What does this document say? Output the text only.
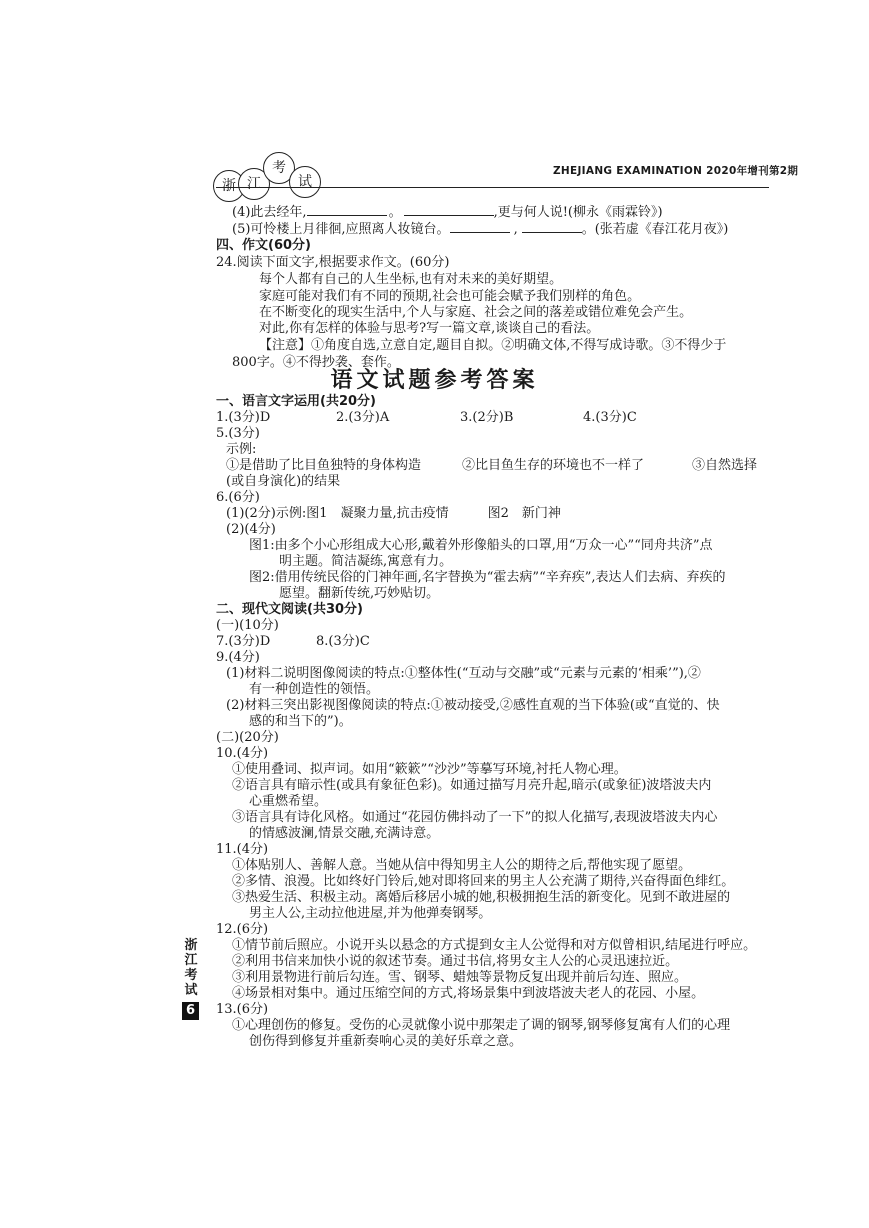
浙 江
考
试
ZHEJIANG EXAMINATION 2020年增刊第2期
(4)此去经年,	。	,更与何人说!(柳永《雨霖铃》)
(5)可怜楼上月徘徊,应照离人妆镜台。	,	。(张若虚《春江花月夜》)
四、作文(60分)
24.阅读下面文字,根据要求作文。(60分)
每个人都有自己的人生坐标,也有对未来的美好期望。
家庭可能对我们有不同的预期,社会也可能会赋予我们别样的角色。
在不断变化的现实生活中,个人与家庭、社会之间的落差或错位难免会产生。
对此,你有怎样的体验与思考?写一篇文章,谈谈自己的看法。
【注意】①角度自选,立意自定,题目自拟。②明确文体,不得写成诗歌。③不得少于
800字。④不得抄袭、套作。
语文试题参考答案
一、语言文字运用(共20分)
1.(3分)D	2.(3分)A	3.(2分)B	4.(3分)C
5.(3分)
示例:
①是借助了比目鱼独特的身体构造	②比目鱼生存的环境也不一样了	③自然选择
(或自身演化)的结果
6.(6分)
(1)(2分)示例:图1　凝聚力量,抗击疫情　　　图2　新门神
(2)(4分)
图1:由多个小心形组成大心形,戴着外形像船头的口罩,用“万众一心”“同舟共济”点
明主题。简洁凝练,寓意有力。
图2:借用传统民俗的门神年画,名字替换为“霍去病”“辛弃疾”,表达人们去病、弃疾的
愿望。翻新传统,巧妙贴切。
二、现代文阅读(共30分)
(一)(10分)
7.(3分)D	8.(3分)C
9.(4分)
(1)材料二说明图像阅读的特点:①整体性(“互动与交融”或“元素与元素的‘相乘’”),②
有一种创造性的领悟。
(2)材料三突出影视图像阅读的特点:①被动接受,②感性直观的当下体验(或“直觉的、快
感的和当下的”)。
(二)(20分)
10.(4分)
①使用叠词、拟声词。如用“簌簌”“沙沙”等摹写环境,衬托人物心理。
②语言具有暗示性(或具有象征色彩)。如通过描写月亮升起,暗示(或象征)波塔波夫内
心重燃希望。
③语言具有诗化风格。如通过“花园仿佛抖动了一下”的拟人化描写,表现波塔波夫内心
的情感波澜,情景交融,充满诗意。
11.(4分)
①体贴别人、善解人意。当她从信中得知男主人公的期待之后,帮他实现了愿望。
②多情、浪漫。比如终好门铃后,她对即将回来的男主人公充满了期待,兴奋得面色绯红。
③热爱生活、积极主动。离婚后移居小城的她,积极拥抱生活的新变化。见到不敢进屋的
男主人公,主动拉他进屋,并为他弹奏钢琴。
12.(6分)
①情节前后照应。小说开头以悬念的方式提到女主人公觉得和对方似曾相识,结尾进行呼应。
②利用书信来加快小说的叙述节奏。通过书信,将男女主人公的心灵迅速拉近。
③利用景物进行前后勾连。雪、钢琴、蜡烛等景物反复出现并前后勾连、照应。
④场景相对集中。通过压缩空间的方式,将场景集中到波塔波夫老人的花园、小屋。
13.(6分)
①心理创伤的修复。受伤的心灵就像小说中那架走了调的钢琴,钢琴修复寓有人们的心理
创伤得到修复并重新奏响心灵的美好乐章之意。
浙
江
考
试
6
